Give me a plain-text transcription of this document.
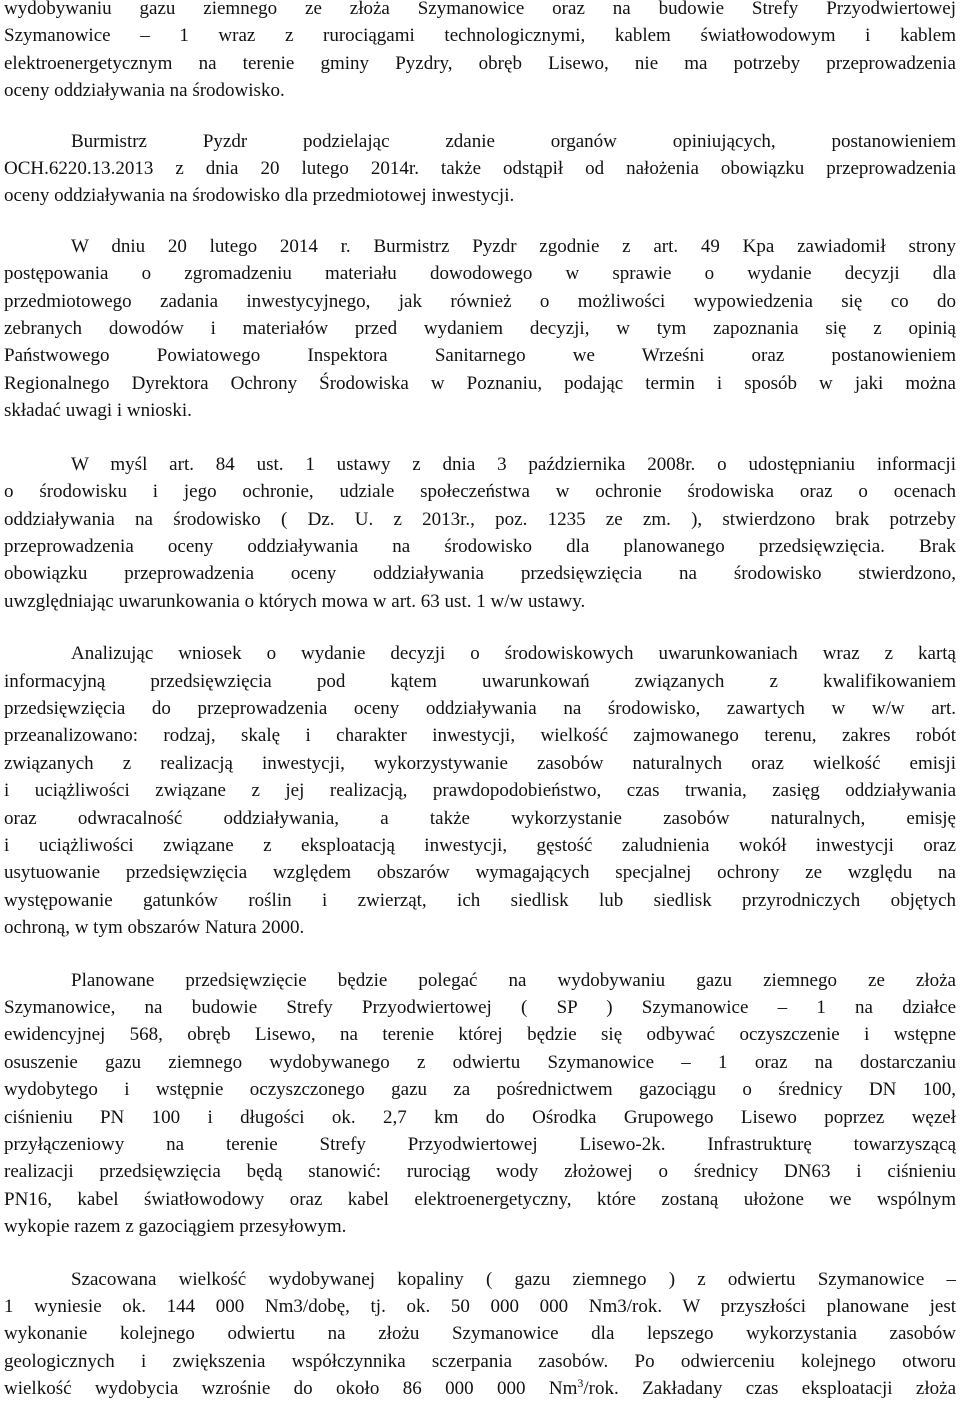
wydobywaniu gazu ziemnego ze złoża Szymanowice oraz na budowie Strefy Przyodwiertowej
Szymanowice – 1 wraz z rurociągami technologicznymi, kablem światłowodowym i kablem
elektroenergetycznym na terenie gminy Pyzdry, obręb Lisewo, nie ma potrzeby przeprowadzenia
oceny oddziaływania na środowisko.

Burmistrz Pyzdr podzielając zdanie organów opiniujących, postanowieniem
OCH.6220.13.2013 z dnia 20 lutego 2014r. także odstąpił od nałożenia obowiązku przeprowadzenia
oceny oddziaływania na środowisko dla przedmiotowej inwestycji.

W dniu 20 lutego 2014 r. Burmistrz Pyzdr zgodnie z art. 49 Kpa zawiadomił strony
postępowania o zgromadzeniu materiału dowodowego w sprawie o wydanie decyzji dla
przedmiotowego zadania inwestycyjnego, jak również o możliwości wypowiedzenia się co do
zebranych dowodów i materiałów przed wydaniem decyzji, w tym zapoznania się z opinią
Państwowego Powiatowego Inspektora Sanitarnego we Wrześni oraz postanowieniem
Regionalnego Dyrektora Ochrony Środowiska w Poznaniu, podając termin i sposób w jaki można
składać uwagi i wnioski.

W myśl art. 84 ust. 1 ustawy z dnia 3 października 2008r. o udostępnianiu informacji
o środowisku i jego ochronie, udziale społeczeństwa w ochronie środowiska oraz o ocenach
oddziaływania na środowisko ( Dz. U. z 2013r., poz. 1235 ze zm. ), stwierdzono brak potrzeby
przeprowadzenia oceny oddziaływania na środowisko dla planowanego przedsięwzięcia. Brak
obowiązku przeprowadzenia oceny oddziaływania przedsięwzięcia na środowisko stwierdzono,
uwzględniając uwarunkowania o których mowa w art. 63 ust. 1 w/w ustawy.

Analizując wniosek o wydanie decyzji o środowiskowych uwarunkowaniach wraz z kartą
informacyjną przedsięwzięcia pod kątem uwarunkowań związanych z kwalifikowaniem
przedsięwzięcia do przeprowadzenia oceny oddziaływania na środowisko, zawartych w w/w art.
przeanalizowano: rodzaj, skalę i charakter inwestycji, wielkość zajmowanego terenu, zakres robót
związanych z realizacją inwestycji, wykorzystywanie zasobów naturalnych oraz wielkość emisji
i uciążliwości związane z jej realizacją, prawdopodobieństwo, czas trwania, zasięg oddziaływania
oraz odwracalność oddziaływania, a także wykorzystanie zasobów naturalnych, emisję
i uciążliwości związane z eksploatacją inwestycji, gęstość zaludnienia wokół inwestycji oraz
usytuowanie przedsięwzięcia względem obszarów wymagających specjalnej ochrony ze względu na
występowanie gatunków roślin i zwierząt, ich siedlisk lub siedlisk przyrodniczych objętych
ochroną, w tym obszarów Natura 2000.

Planowane przedsięwzięcie będzie polegać na wydobywaniu gazu ziemnego ze złoża
Szymanowice, na budowie Strefy Przyodwiertowej ( SP ) Szymanowice – 1 na działce
ewidencyjnej 568, obręb Lisewo, na terenie której będzie się odbywać oczyszczenie i wstępne
osuszenie gazu ziemnego wydobywanego z odwiertu Szymanowice – 1 oraz na dostarczaniu
wydobytego i wstępnie oczyszczonego gazu za pośrednictwem gazociągu o średnicy DN 100,
ciśnieniu PN 100 i długości ok. 2,7 km do Ośrodka Grupowego Lisewo poprzez węzeł
przyłączeniowy na terenie Strefy Przyodwiertowej Lisewo-2k. Infrastrukturę towarzyszącą
realizacji przedsięwzięcia będą stanowić: rurociąg wody złożowej o średnicy DN63 i ciśnieniu
PN16, kabel światłowodowy oraz kabel elektroenergetyczny, które zostaną ułożone we wspólnym
wykopie razem z gazociągiem przesyłowym.

Szacowana wielkość wydobywanej kopaliny ( gazu ziemnego ) z odwiertu Szymanowice –
1 wyniesie ok. 144 000 Nm3/dobę, tj. ok. 50 000 000 Nm3/rok. W przyszłości planowane jest
wykonanie kolejnego odwiertu na złożu Szymanowice dla lepszego wykorzystania zasobów
geologicznych i zwiększenia współczynnika sczerpania zasobów. Po odwierceniu kolejnego otworu
wielkość wydobycia wzrośnie do około 86 000 000 Nm$^3$/rok. Zakładany czas eksploatacji złoża
